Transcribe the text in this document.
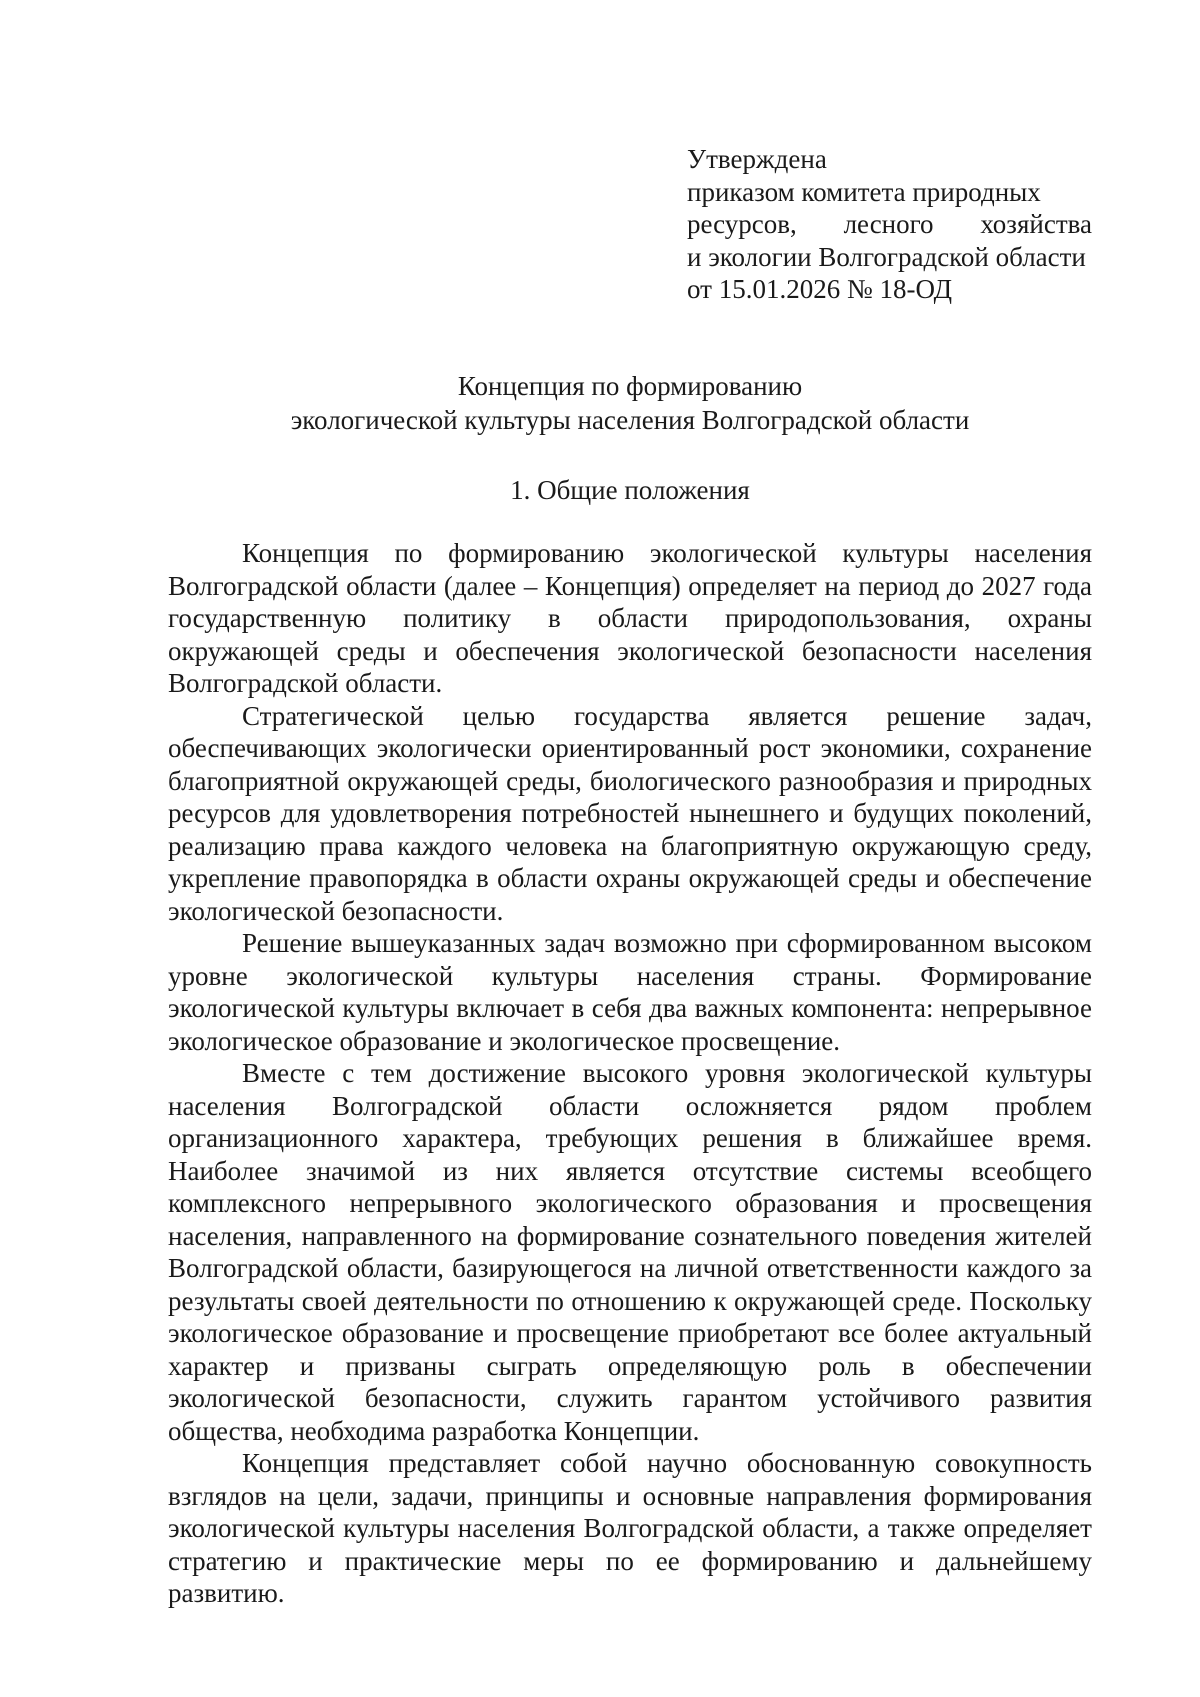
Утверждена
приказом комитета природных
ресурсов, лесного хозяйства
и экологии Волгоградской области
от 15.01.2026 № 18-ОД
Концепция по формированию
экологической культуры населения Волгоградской области
1. Общие положения

Концепция по формированию экологической культуры населения Волгоградской области (далее – Концепция) определяет на период до 2027 года государственную политику в области природопользования, охраны окружающей среды и обеспечения экологической безопасности населения Волгоградской области.

Стратегической целью государства является решение задач, обеспечивающих экологически ориентированный рост экономики, сохранение благоприятной окружающей среды, биологического разнообразия и природных ресурсов для удовлетворения потребностей нынешнего и будущих поколений, реализацию права каждого человека на благоприятную окружающую среду, укрепление правопорядка в области охраны окружающей среды и обеспечение экологической безопасности.

Решение вышеуказанных задач возможно при сформированном высоком уровне экологической культуры населения страны. Формирование экологической культуры включает в себя два важных компонента: непрерывное экологическое образование и экологическое просвещение.

Вместе с тем достижение высокого уровня экологической культуры населения Волгоградской области осложняется рядом проблем организационного характера, требующих решения в ближайшее время. Наиболее значимой из них является отсутствие системы всеобщего комплексного непрерывного экологического образования и просвещения населения, направленного на формирование сознательного поведения жителей Волгоградской области, базирующегося на личной ответственности каждого за результаты своей деятельности по отношению к окружающей среде. Поскольку экологическое образование и просвещение приобретают все более актуальный характер и призваны сыграть определяющую роль в обеспечении экологической безопасности, служить гарантом устойчивого развития общества, необходима разработка Концепции.

Концепция представляет собой научно обоснованную совокупность взглядов на цели, задачи, принципы и основные направления формирования экологической культуры населения Волгоградской области, а также определяет стратегию и практические меры по ее формированию и дальнейшему развитию.
